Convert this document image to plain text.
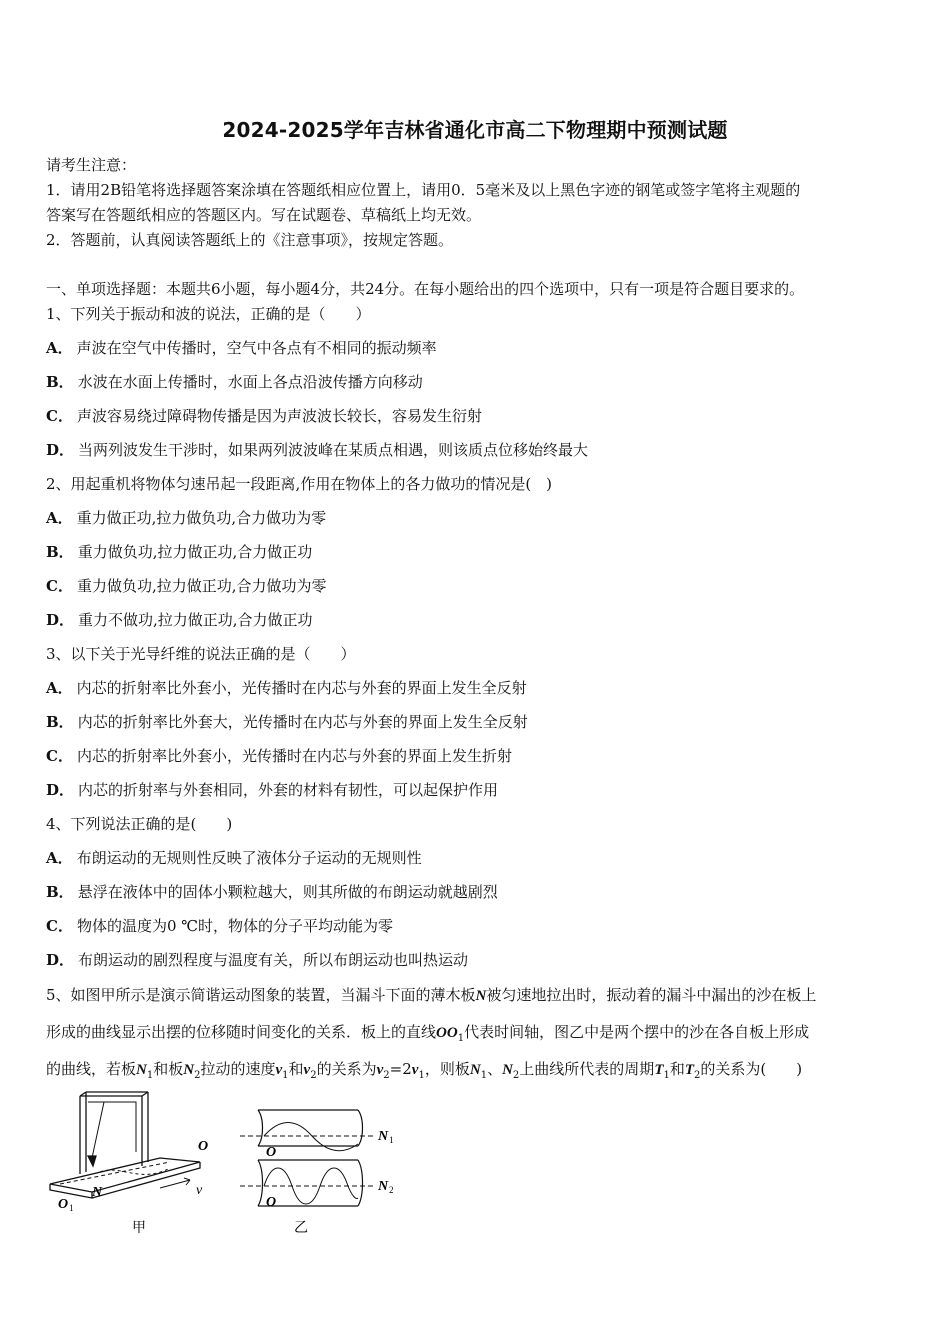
2024-2025学年吉林省通化市高二下物理期中预测试题
请考生注意：
1．请用2B铅笔将选择题答案涂填在答题纸相应位置上，请用0．5毫米及以上黑色字迹的钢笔或签字笔将主观题的
答案写在答题纸相应的答题区内。写在试题卷、草稿纸上均无效。
2．答题前，认真阅读答题纸上的《注意事项》，按规定答题。
一、单项选择题：本题共6小题，每小题4分，共24分。在每小题给出的四个选项中，只有一项是符合题目要求的。
1、下列关于振动和波的说法，正确的是（　　）
A． 声波在空气中传播时，空气中各点有不相同的振动频率
B． 水波在水面上传播时，水面上各点沿波传播方向移动
C． 声波容易绕过障碍物传播是因为声波波长较长，容易发生衍射
D． 当两列波发生干涉时，如果两列波波峰在某质点相遇，则该质点位移始终最大
2、用起重机将物体匀速吊起一段距离,作用在物体上的各力做功的情况是(　)
A． 重力做正功,拉力做负功,合力做功为零
B． 重力做负功,拉力做正功,合力做正功
C． 重力做负功,拉力做正功,合力做功为零
D． 重力不做功,拉力做正功,合力做正功
3、以下关于光导纤维的说法正确的是（　　）
A． 内芯的折射率比外套小，光传播时在内芯与外套的界面上发生全反射
B． 内芯的折射率比外套大，光传播时在内芯与外套的界面上发生全反射
C． 内芯的折射率比外套小，光传播时在内芯与外套的界面上发生折射
D． 内芯的折射率与外套相同，外套的材料有韧性，可以起保护作用
4、下列说法正确的是(　　)
A． 布朗运动的无规则性反映了液体分子运动的无规则性
B． 悬浮在液体中的固体小颗粒越大，则其所做的布朗运动就越剧烈
C． 物体的温度为0 ℃时，物体的分子平均动能为零
D． 布朗运动的剧烈程度与温度有关，所以布朗运动也叫热运动
5、如图甲所示是演示简谐运动图象的装置，当漏斗下面的薄木板N被匀速地拉出时，振动着的漏斗中漏出的沙在板上
形成的曲线显示出摆的位移随时间变化的关系．板上的直线$OO_1$代表时间轴，图乙中是两个摆中的沙在各自板上形成
的曲线，若板$N_1$和板$N_2$拉动的速度$v_1$和$v_2$的关系为$v_2=2v_1$，则板$N_1$、$N_2$上曲线所代表的周期$T_1$和$T_2$的关系为(　　)
O
N	v
O 1
甲
N 1
N 2
O
O
乙
